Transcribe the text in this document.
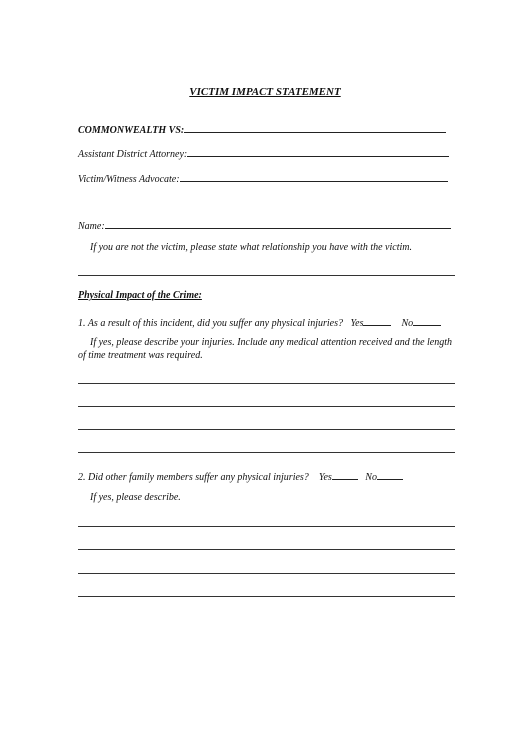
VICTIM IMPACT STATEMENT
COMMONWEALTH VS:
Assistant District Attorney:
Victim/Witness Advocate:
Name:
If you are not the victim, please state what relationship you have with the victim.
Physical Impact of the Crime:
1. As a result of this incident, did you suffer any physical injuries? Yes	No
If yes, please describe your injuries. Include any medical attention received and the length of time treatment was required.
2. Did other family members suffer any physical injuries? Yes	No
If yes, please describe.
